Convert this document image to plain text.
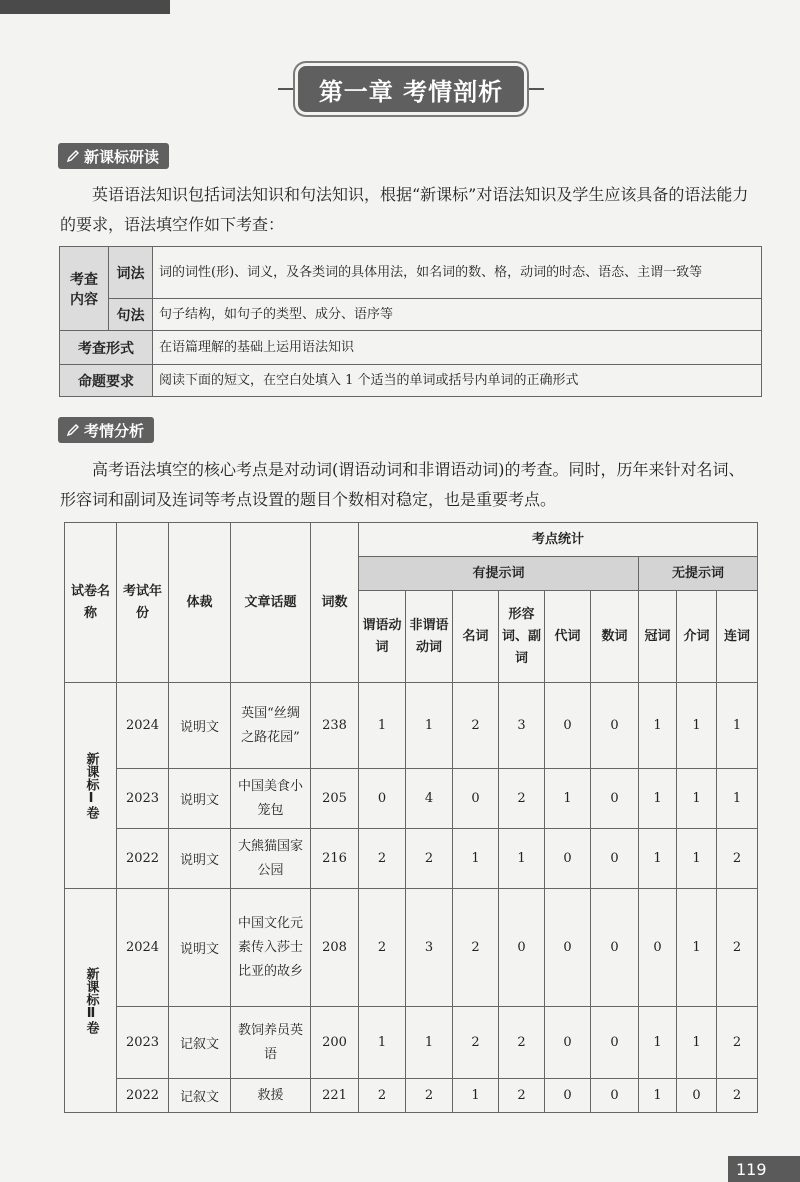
第一章 考情剖析
新课标研读
英语语法知识包括词法知识和句法知识，根据“新课标”对语法知识及学生应该具备的语法能力的要求，语法填空作如下考查：
考查内容	词法	词的词性(形)、词义，及各类词的具体用法，如名词的数、格，动词的时态、语态、主谓一致等
	句法	句子结构，如句子的类型、成分、语序等
考查形式		在语篇理解的基础上运用语法知识
命题要求		阅读下面的短文，在空白处填入 1 个适当的单词或括号内单词的正确形式
考情分析
高考语法填空的核心考点是对动词(谓语动词和非谓语动词)的考查。同时，历年来针对名词、形容词和副词及连词等考点设置的题目个数相对稳定，也是重要考点。
试卷名称	考试年份	体裁	文章话题	词数	考点统计								
					有提示词						无提示词		
					谓语动词	非谓语动词	名词	形容词、副词	代词	数词	冠词	介词	连词
新课标Ⅰ卷	2024	说明文	英国“丝绸之路花园”	238	1	1	2	3	0	0	1	1	1
	2023	说明文	中国美食小笼包	205	0	4	0	2	1	0	1	1	1
	2022	说明文	大熊猫国家公园	216	2	2	1	1	0	0	1	1	2
新课标Ⅱ卷	2024	说明文	中国文化元素传入莎士比亚的故乡	208	2	3	2	0	0	0	0	1	2
	2023	记叙文	教饲养员英语	200	1	1	2	2	0	0	1	1	2
	2022	记叙文	救援	221	2	2	1	2	0	0	1	0	2
119
